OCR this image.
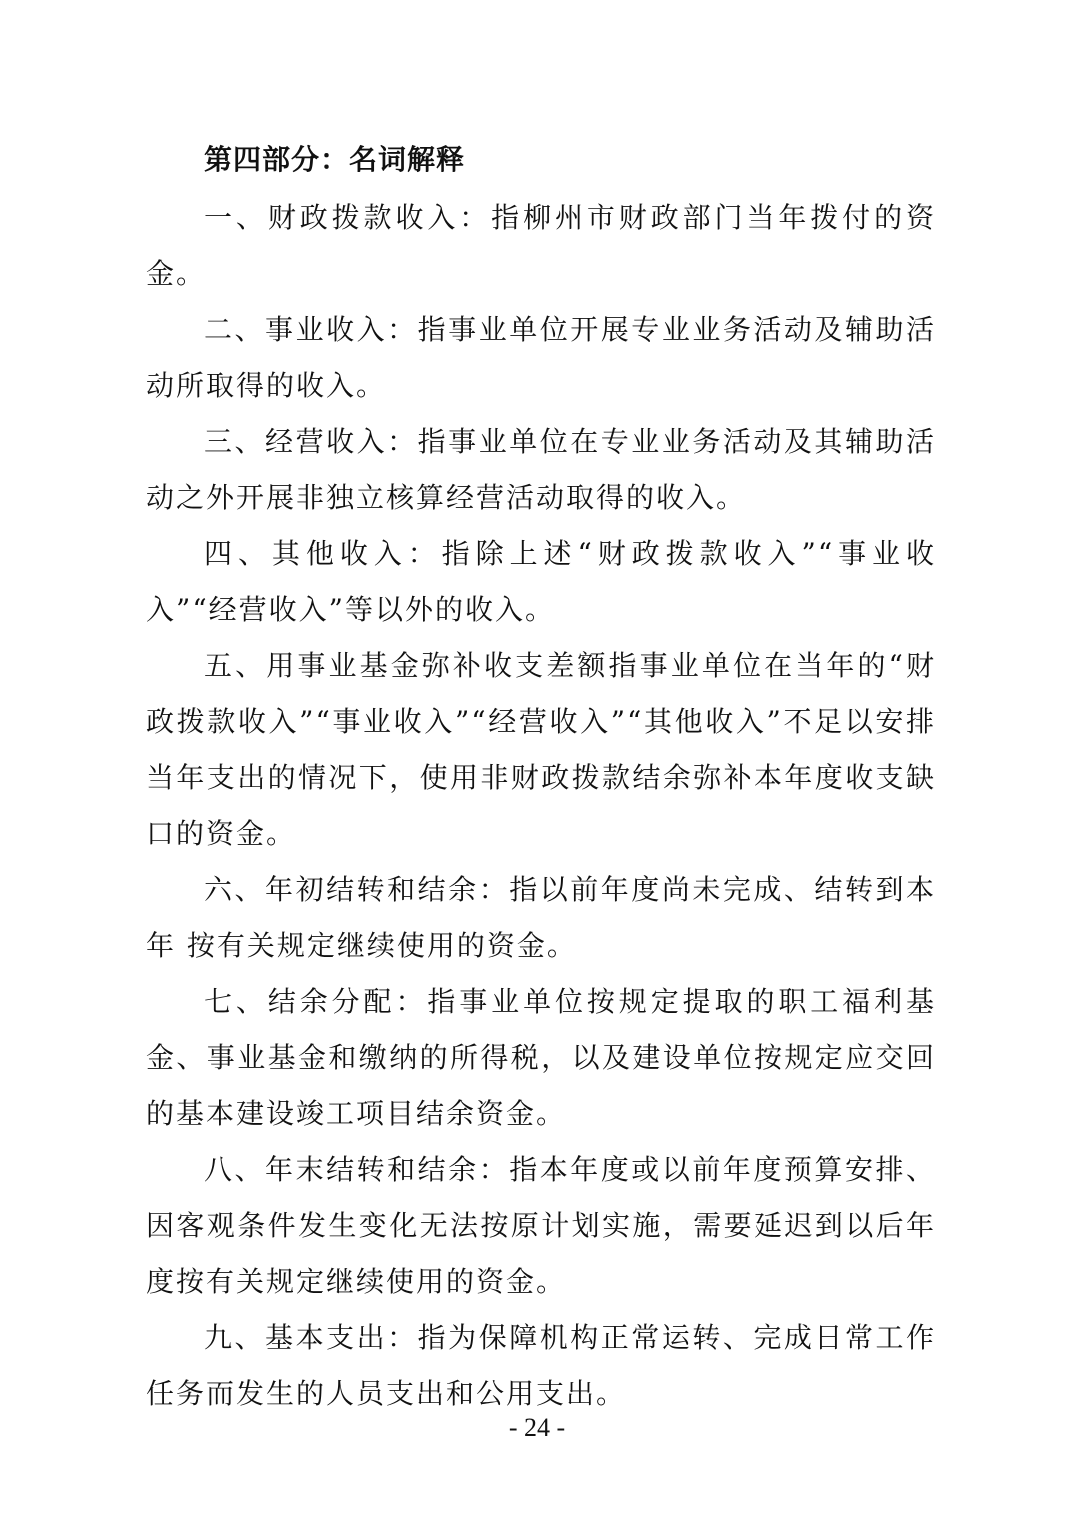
第四部分：名词解释

一、财政拨款收入：指柳州市财政部门当年拨付的资金。

二、事业收入：指事业单位开展专业业务活动及辅助活动所取得的收入。

三、经营收入：指事业单位在专业业务活动及其辅助活动之外开展非独立核算经营活动取得的收入。

四、其他收入：指除上述“财政拨款收入”“事业收入”“经营收入”等以外的收入。

五、用事业基金弥补收支差额指事业单位在当年的“财政拨款收入”“事业收入”“经营收入”“其他收入”不足以安排当年支出的情况下，使用非财政拨款结余弥补本年度收支缺口的资金。

六、年初结转和结余：指以前年度尚未完成、结转到本年 按有关规定继续使用的资金。

七、结余分配：指事业单位按规定提取的职工福利基金、事业基金和缴纳的所得税，以及建设单位按规定应交回的基本建设竣工项目结余资金。

八、年末结转和结余：指本年度或以前年度预算安排、因客观条件发生变化无法按原计划实施，需要延迟到以后年度按有关规定继续使用的资金。

九、基本支出：指为保障机构正常运转、完成日常工作任务而发生的人员支出和公用支出。

- 24 -
